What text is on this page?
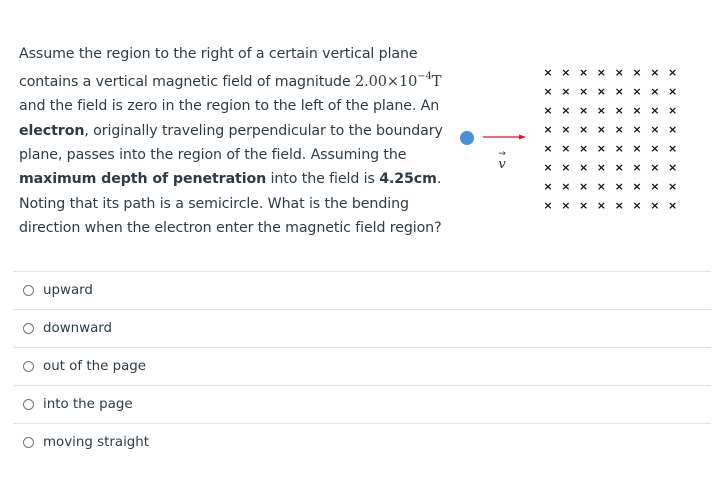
Assume the region to the right of a certain vertical plane contains a vertical magnetic field of magnitude $2.00\times 10^{-4}T$ and the field is zero in the region to the left of the plane. An electron, originally traveling perpendicular to the boundary plane, passes into the region of the field. Assuming the maximum depth of penetration into the field is 4.25cm. Noting that its path is a semicircle. What is the bending direction when the electron enter the magnetic field region?
v
→
× × × × × × × ×
× × × × × × × ×
× × × × × × × ×
× × × × × × × ×
× × × × × × × ×
× × × × × × × ×
× × × × × × × ×
× × × × × × × ×
upward
downward
out of the page
into the page
moving straight
